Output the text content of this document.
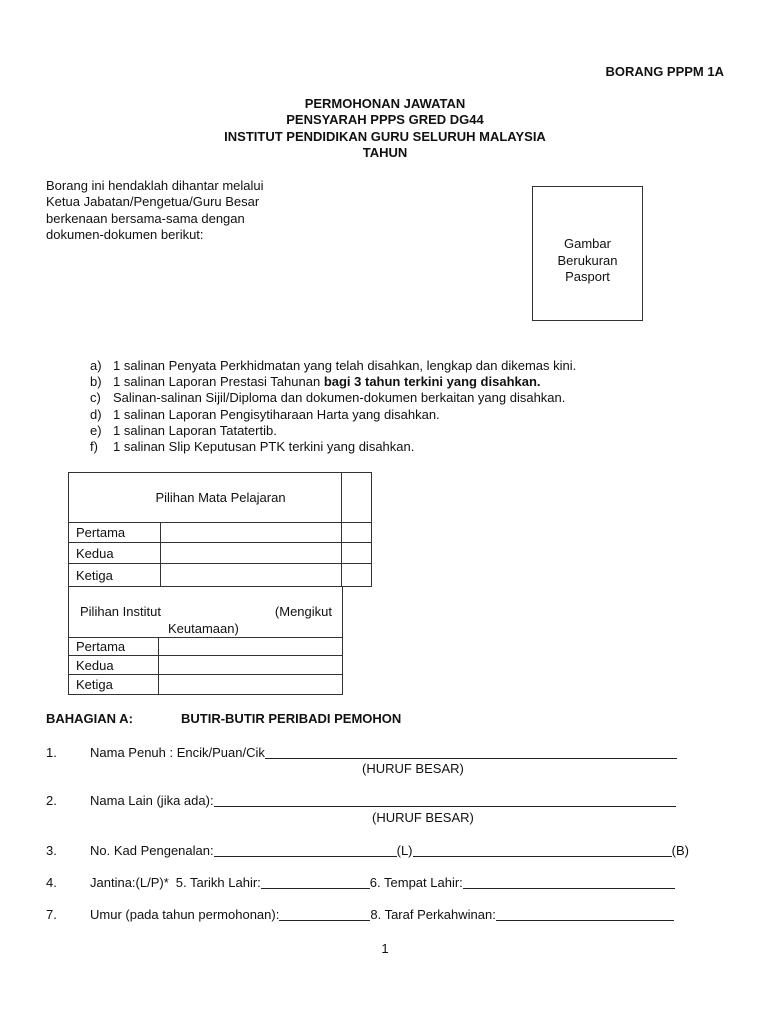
BORANG PPPM 1A
PERMOHONAN JAWATAN
PENSYARAH PPPS GRED DG44
INSTITUT PENDIDIKAN GURU SELURUH MALAYSIA
TAHUN
Borang ini hendaklah dihantar melalui
Ketua Jabatan/Pengetua/Guru Besar
berkenaan bersama-sama dengan
dokumen-dokumen berikut:
Gambar
Berukuran
Pasport
a) 1 salinan Penyata Perkhidmatan yang telah disahkan, lengkap dan dikemas kini.
b) 1 salinan Laporan Prestasi Tahunan bagi 3 tahun terkini yang disahkan.
c) Salinan-salinan Sijil/Diploma dan dokumen-dokumen berkaitan yang disahkan.
d) 1 salinan Laporan Pengisytiharaan Harta yang disahkan.
e) 1 salinan Laporan Tatatertib.
f) 1 salinan Slip Keputusan PTK terkini yang disahkan.
Pilihan Mata Pelajaran		
Pertama		
Kedua		
Ketiga		
Pilihan Institut (Mengikut
Keutamaan)	

Pertama	
Kedua	
Ketiga	
BAHAGIAN A:	BUTIR-BUTIR PERIBADI PEMOHON
1.	Nama Penuh : Encik/Puan/Cik
(HURUF BESAR)
2.	Nama Lain (jika ada):
(HURUF BESAR)
3.	No. Kad Pengenalan:	(L)	(B)
4.	Jantina:(L/P)* 5. Tarikh Lahir:	6. Tempat Lahir:
7.	Umur (pada tahun permohonan):	8. Taraf Perkahwinan:
1
